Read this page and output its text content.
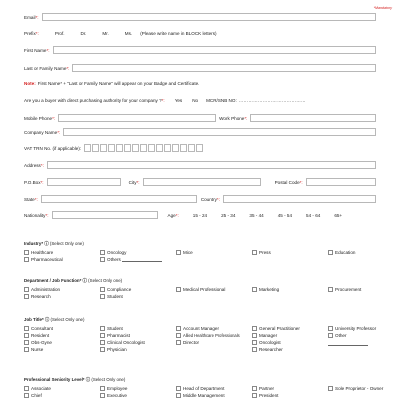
*Mandatory
Email*:
Prefix*:	Prof.	Dr.	Mr.	Ms. (Please write name in BLOCK letters)
First Name*:
Last or Family Name*:
Note: First Name* + "Last or Family Name" will appear on your Badge and Certificate.
Are you a buyer with direct purchasing authority for your company ?*: Yes No MCR/SNB NO: ……………………………………
Mobile Phone*:	Work Phone*:
Company Name*:
VAT TRN No. (if applicable):
Address*:
P.O.Box*:	City*:	Postal Code*:
State*:	Country*:
Nationality*:	Age*:	15 - 24	25 - 34	35 - 44	45 - 54	54 - 64	65+
Industry* ⓘ (Select Only one)
Healthcare	Oncology	Mice	Press	Education
Pharmaceutical	Others
Department / Job Function* ⓘ (Select Only one)
Administration	Compliance	Medical Professional	Marketing	Procurement
Research	Student
Job Title* ⓘ (Select Only one)
Consultant	Student	Account Manager	General Practitioner	University Professor
Resident	Pharmacist	Allied Healthcare Professionals	Manager	Other
Obs-Gyne	Clinical Oncologist	Director	Oncologist
Nurse	Physician	Researcher
Professional Seniority Level* ⓘ (Select Only one)
Associate	Employee	Head of Department	Partner	Sole Proprietor - Owner
Chief	Executive	Middle Management	President
